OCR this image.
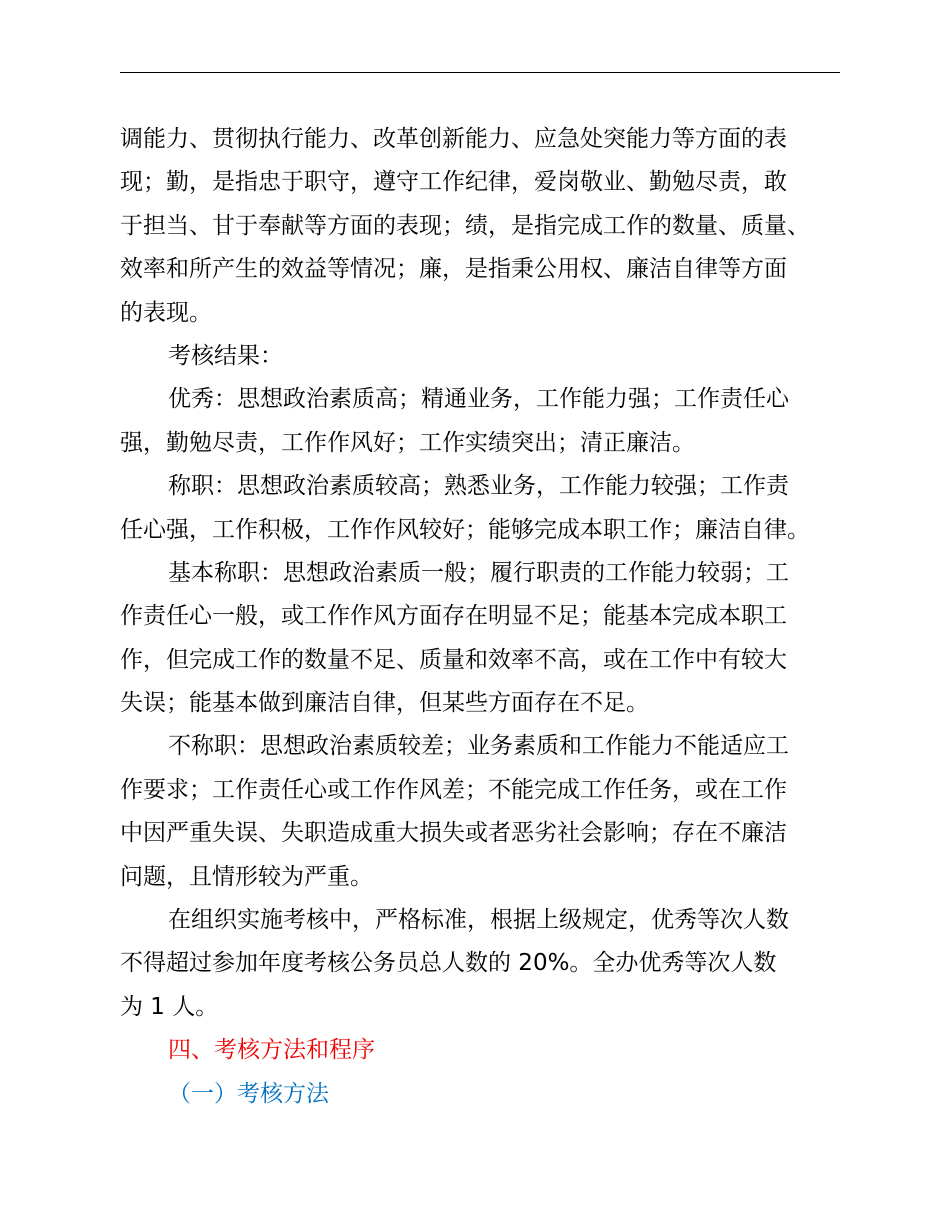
调能力、贯彻执行能力、改革创新能力、应急处突能力等方面的表
现；勤，是指忠于职守，遵守工作纪律，爱岗敬业、勤勉尽责，敢
于担当、甘于奉献等方面的表现；绩，是指完成工作的数量、质量、
效率和所产生的效益等情况；廉，是指秉公用权、廉洁自律等方面
的表现。
考核结果：
优秀：思想政治素质高；精通业务，工作能力强；工作责任心
强，勤勉尽责，工作作风好；工作实绩突出；清正廉洁。
称职：思想政治素质较高；熟悉业务，工作能力较强；工作责
任心强，工作积极，工作作风较好；能够完成本职工作；廉洁自律。
基本称职：思想政治素质一般；履行职责的工作能力较弱；工
作责任心一般，或工作作风方面存在明显不足；能基本完成本职工
作，但完成工作的数量不足、质量和效率不高，或在工作中有较大
失误；能基本做到廉洁自律，但某些方面存在不足。
不称职：思想政治素质较差；业务素质和工作能力不能适应工
作要求；工作责任心或工作作风差；不能完成工作任务，或在工作
中因严重失误、失职造成重大损失或者恶劣社会影响；存在不廉洁
问题，且情形较为严重。
在组织实施考核中，严格标准，根据上级规定，优秀等次人数
不得超过参加年度考核公务员总人数的 20%。全办优秀等次人数
为 1 人。
四、考核方法和程序
（一）考核方法
